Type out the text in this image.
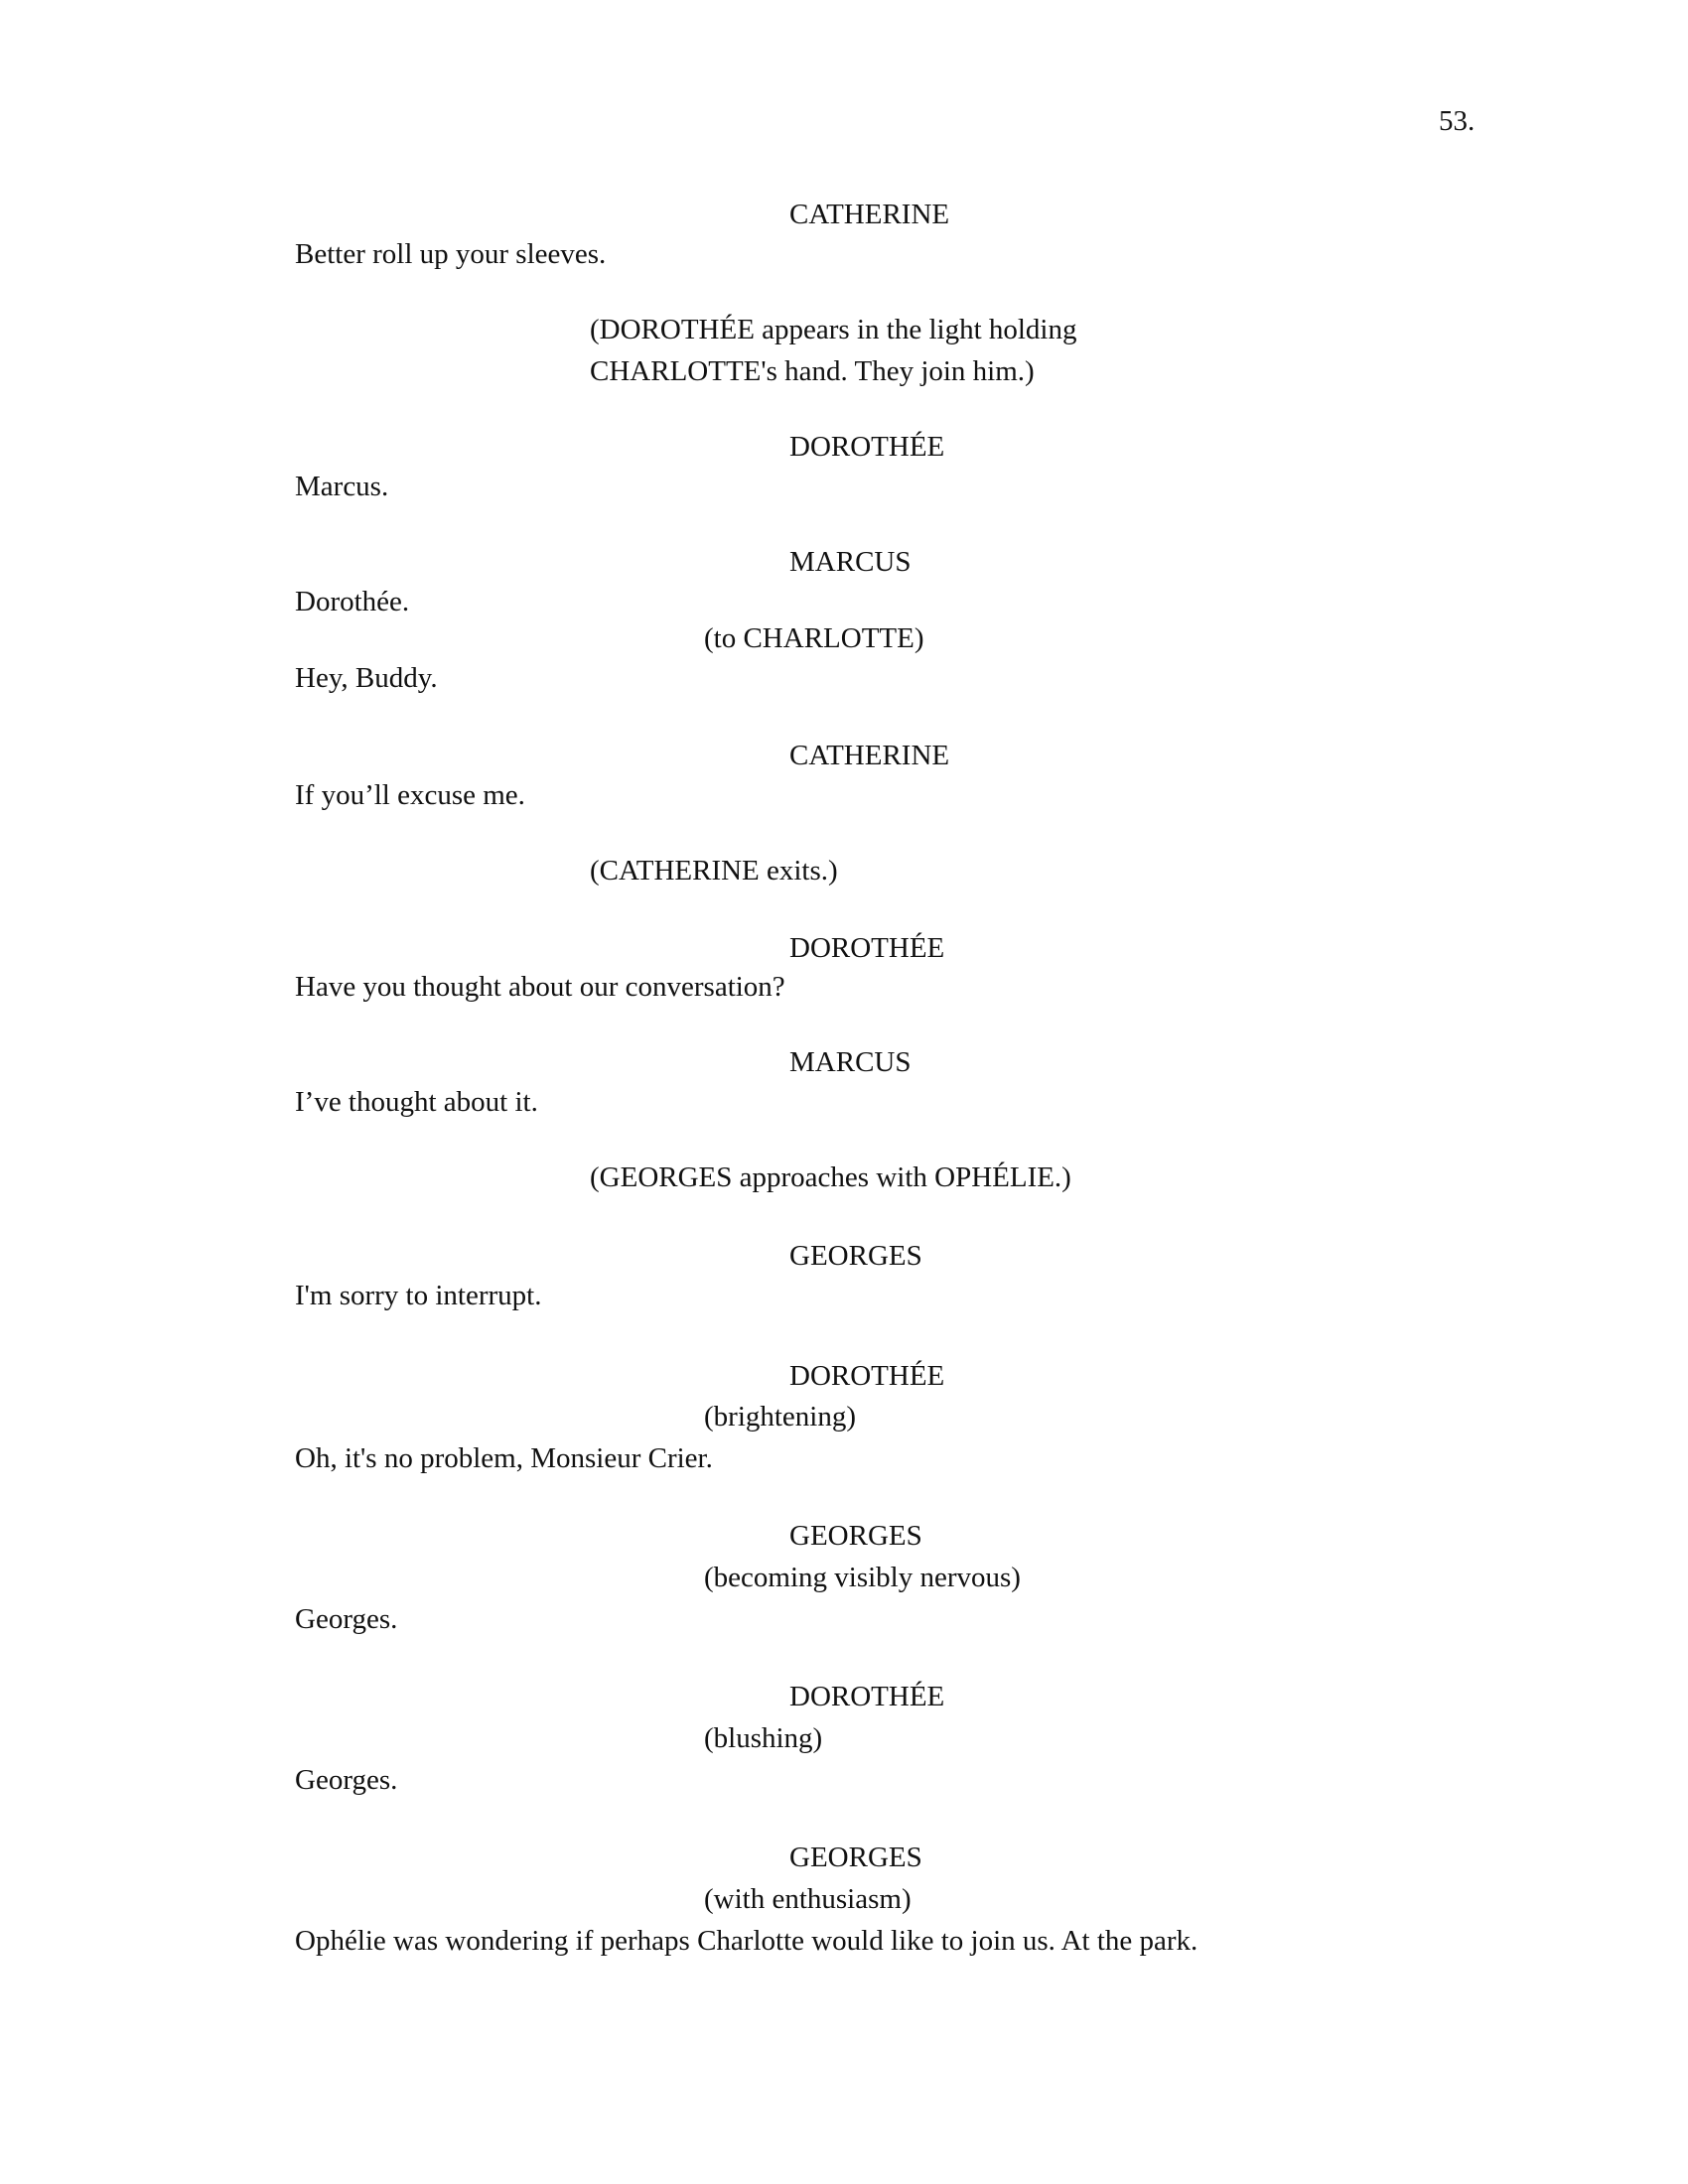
53.
CATHERINE
Better roll up your sleeves.
(DOROTHÉE appears in the light holding
CHARLOTTE's hand. They join him.)
DOROTHÉE
Marcus.
MARCUS
Dorothée.
(to CHARLOTTE)
Hey, Buddy.
CATHERINE
If you’ll excuse me.
(CATHERINE exits.)
DOROTHÉE
Have you thought about our conversation?
MARCUS
I’ve thought about it.
(GEORGES approaches with OPHÉLIE.)
GEORGES
I'm sorry to interrupt.
DOROTHÉE
(brightening)
Oh, it's no problem, Monsieur Crier.
GEORGES
(becoming visibly nervous)
Georges.
DOROTHÉE
(blushing)
Georges.
GEORGES
(with enthusiasm)
Ophélie was wondering if perhaps Charlotte would like to join us. At the park.
